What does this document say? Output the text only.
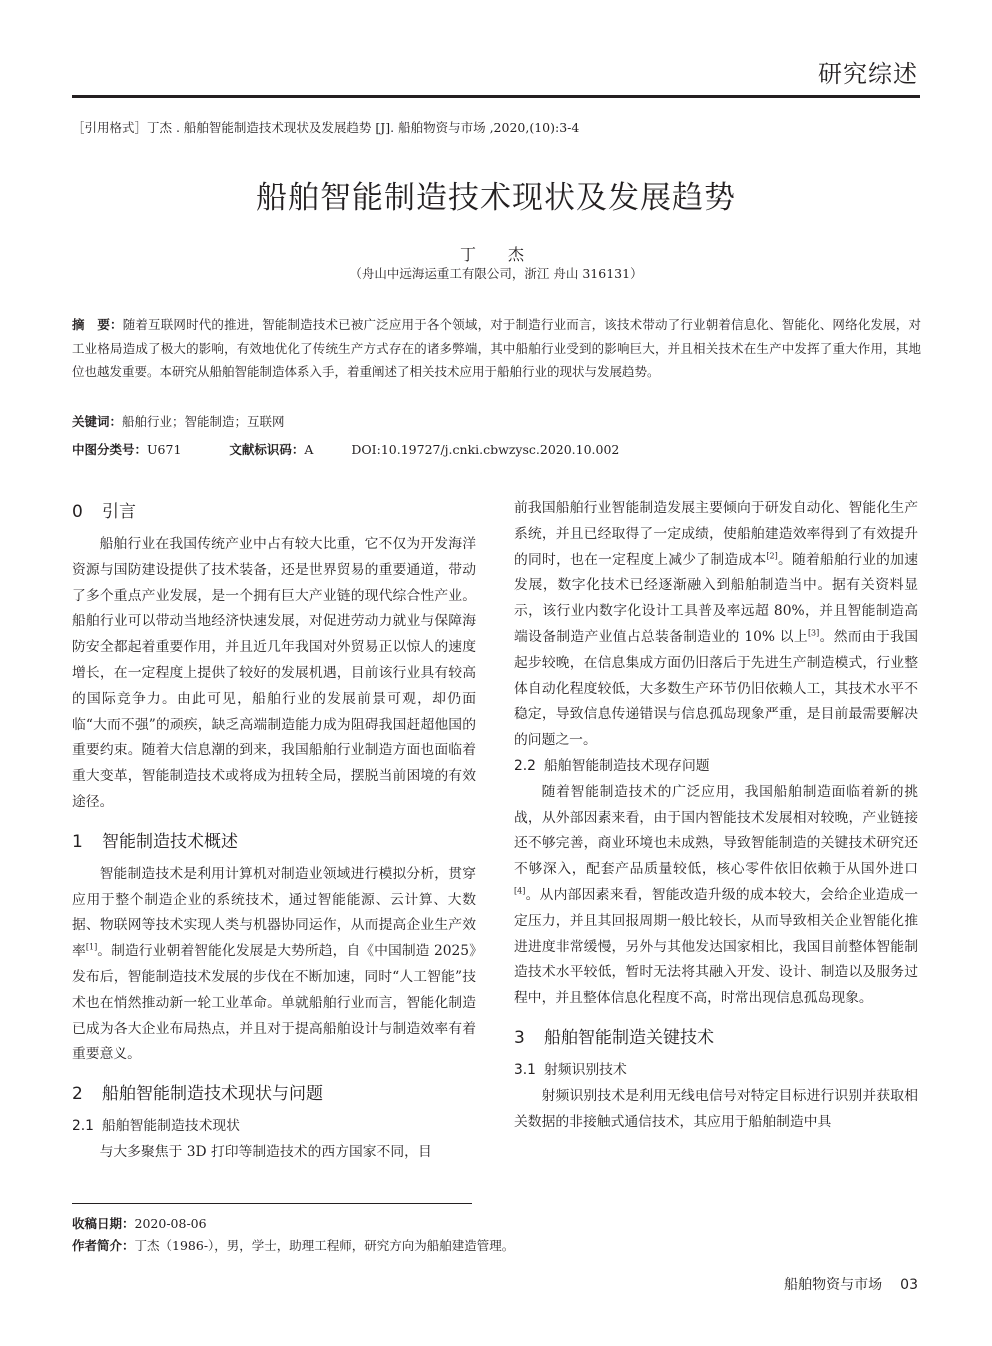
研究综述
［引用格式］丁杰 . 船舶智能制造技术现状及发展趋势 [J]. 船舶物资与市场 ,2020,(10):3-4
船舶智能制造技术现状及发展趋势
丁　杰
（舟山中远海运重工有限公司，浙江 舟山 316131）
摘　要：随着互联网时代的推进，智能制造技术已被广泛应用于各个领域，对于制造行业而言，该技术带动了行业朝着信息化、智能化、网络化发展，对工业格局造成了极大的影响，有效地优化了传统生产方式存在的诸多弊端，其中船舶行业受到的影响巨大，并且相关技术在生产中发挥了重大作用，其地位也越发重要。本研究从船舶智能制造体系入手，着重阐述了相关技术应用于船舶行业的现状与发展趋势。
关键词：船舶行业；智能制造；互联网
中图分类号：U671	文献标识码：A	DOI:10.19727/j.cnki.cbwzysc.2020.10.002
0 引言

船舶行业在我国传统产业中占有较大比重，它不仅为开发海洋资源与国防建设提供了技术装备，还是世界贸易的重要通道，带动了多个重点产业发展，是一个拥有巨大产业链的现代综合性产业。船舶行业可以带动当地经济快速发展，对促进劳动力就业与保障海防安全都起着重要作用，并且近几年我国对外贸易正以惊人的速度增长，在一定程度上提供了较好的发展机遇，目前该行业具有较高的国际竞争力。由此可见，船舶行业的发展前景可观，却仍面临“大而不强”的顽疾，缺乏高端制造能力成为阻碍我国赶超他国的重要约束。随着大信息潮的到来，我国船舶行业制造方面也面临着重大变革，智能制造技术或将成为扭转全局，摆脱当前困境的有效途径。

1 智能制造技术概述

智能制造技术是利用计算机对制造业领域进行模拟分析，贯穿应用于整个制造企业的系统技术，通过智能能源、云计算、大数据、物联网等技术实现人类与机器协同运作，从而提高企业生产效率[1]。制造行业朝着智能化发展是大势所趋，自《中国制造 2025》发布后，智能制造技术发展的步伐在不断加速，同时“人工智能”技术也在悄然推动新一轮工业革命。单就船舶行业而言，智能化制造已成为各大企业布局热点，并且对于提高船舶设计与制造效率有着重要意义。

2 船舶智能制造技术现状与问题
2.1 船舶智能制造技术现状

与大多聚焦于 3D 打印等制造技术的西方国家不同，目

前我国船舶行业智能制造发展主要倾向于研发自动化、智能化生产系统，并且已经取得了一定成绩，使船舶建造效率得到了有效提升的同时，也在一定程度上减少了制造成本[2]。随着船舶行业的加速发展，数字化技术已经逐渐融入到船舶制造当中。据有关资料显示，该行业内数字化设计工具普及率远超 80%，并且智能制造高端设备制造产业值占总装备制造业的 10% 以上[3]。然而由于我国起步较晚，在信息集成方面仍旧落后于先进生产制造模式，行业整体自动化程度较低，大多数生产环节仍旧依赖人工，其技术水平不稳定，导致信息传递错误与信息孤岛现象严重，是目前最需要解决的问题之一。

2.2 船舶智能制造技术现存问题

随着智能制造技术的广泛应用，我国船舶制造面临着新的挑战，从外部因素来看，由于国内智能技术发展相对较晚，产业链接还不够完善，商业环境也未成熟，导致智能制造的关键技术研究还不够深入，配套产品质量较低，核心零件依旧依赖于从国外进口[4]。从内部因素来看，智能改造升级的成本较大，会给企业造成一定压力，并且其回报周期一般比较长，从而导致相关企业智能化推进进度非常缓慢，另外与其他发达国家相比，我国目前整体智能制造技术水平较低，暂时无法将其融入开发、设计、制造以及服务过程中，并且整体信息化程度不高，时常出现信息孤岛现象。

3 船舶智能制造关键技术
3.1 射频识别技术

射频识别技术是利用无线电信号对特定目标进行识别并获取相关数据的非接触式通信技术，其应用于船舶制造中具

收稿日期：2020-08-06
作者简介：丁杰（1986-），男，学士，助理工程师，研究方向为船舶建造管理。
船舶物资与市场 03
